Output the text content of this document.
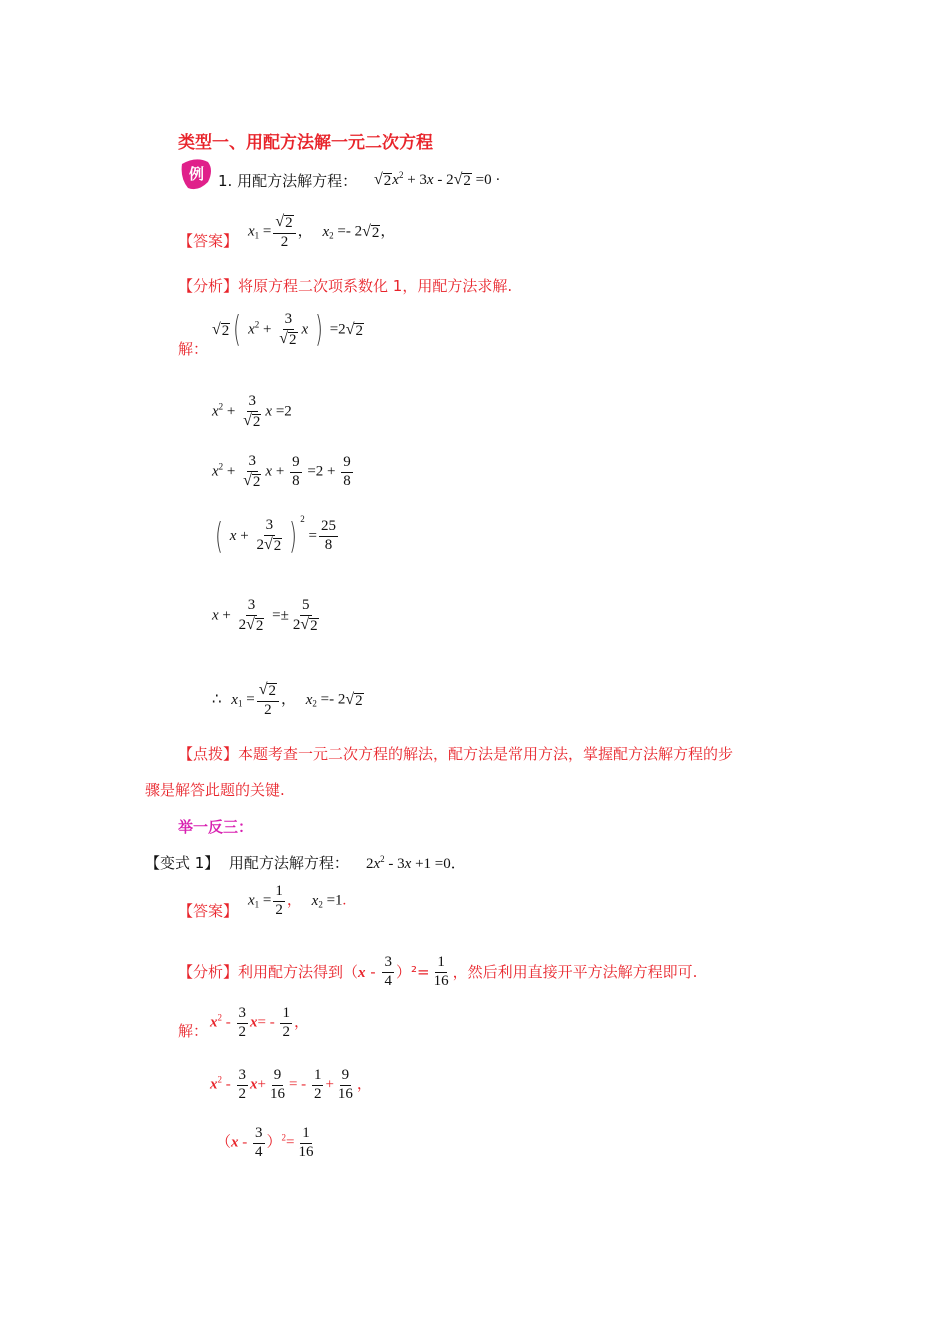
类型一、用配方法解一元二次方程
例 1. 用配方法解方程： √ 2 $x^2 + 3x - 2$ √ 2 =0 ·
【答案】
$x_1 = \frac{√ 2}{2}$ ， $x_2 =- 2$ √ 2 ，
【分析】将原方程二次项系数化 1，用配方法求解.
解：
√ 2 ( $x^2 + \frac{3}{√ 2}$ x ) =2 √ 2
$x^2 + \frac{3}{√ 2}$ x =2
$x^2 + \frac{3}{√ 2}$ $x + \frac{9}{8} =2 + \frac{9}{8}$
( $x + \frac{3}{2 √ 2}$ ) $^2 = \frac{25}{8}$
$x + \frac{3}{2 √ 2} =\pm \frac{5}{2 √ 2}$
∴ $x_1 = \frac{√ 2}{2}$ ， $x_2 =- 2$ √ 2
【点拨】本题考查一元二次方程的解法，配方法是常用方法，掌握配方法解方程的步
骤是解答此题的关键.
举一反三：
【变式 1】 用配方法解方程： $2x^2 - 3x +1 =0$．
【答案】
$x_1 = \frac{1}{2}$ ， $x_2 =1$.
【分析】利用配方法得到$(x - \frac{3}{4} )^2= \frac{1}{16}$ ，然后利用直接开平方法解方程即可.
解： $x^2 - \frac{3}{2} x= - \frac{1}{2}$ ，
$x^2 - \frac{3}{2} x+ \frac{9}{16}$ = - $\frac{1}{2} + \frac{9}{16}$ ，
$(x - \frac{3}{4} )^2= \frac{1}{16}$
